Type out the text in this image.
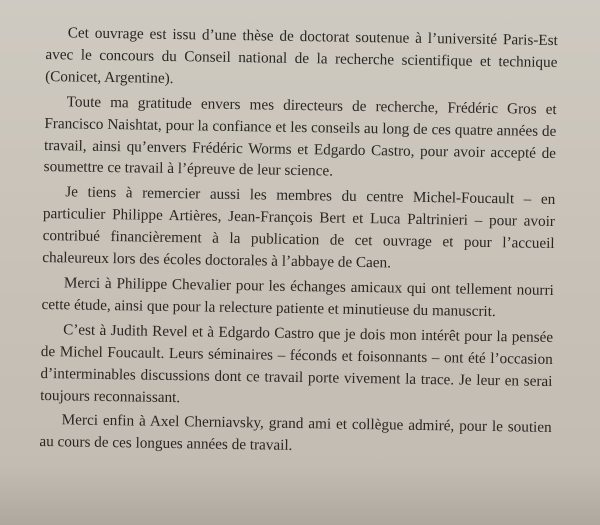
Cet ouvrage est issu d’une thèse de doctorat soutenue à l’université Paris-Est avec le concours du Conseil national de la recherche scientifique et technique (Conicet, Argentine).

Toute ma gratitude envers mes directeurs de recherche, Frédéric Gros et Francisco Naishtat, pour la confiance et les conseils au long de ces quatre années de travail, ainsi qu’envers Frédéric Worms et Edgardo Castro, pour avoir accepté de soumettre ce travail à l’épreuve de leur science.

Je tiens à remercier aussi les membres du centre Michel-Foucault – en particulier Philippe Artières, Jean-François Bert et Luca Paltrinieri – pour avoir contribué financièrement à la publication de cet ouvrage et pour l’accueil chaleureux lors des écoles doctorales à l’abbaye de Caen.

Merci à Philippe Chevalier pour les échanges amicaux qui ont tellement nourri cette étude, ainsi que pour la relecture patiente et minutieuse du manuscrit.

C’est à Judith Revel et à Edgardo Castro que je dois mon intérêt pour la pensée de Michel Foucault. Leurs séminaires – féconds et foisonnants – ont été l’occasion d’interminables discussions dont ce travail porte vivement la trace. Je leur en serai toujours reconnaissant.

Merci enfin à Axel Cherniavsky, grand ami et collègue admiré, pour le soutien au cours de ces longues années de travail.
